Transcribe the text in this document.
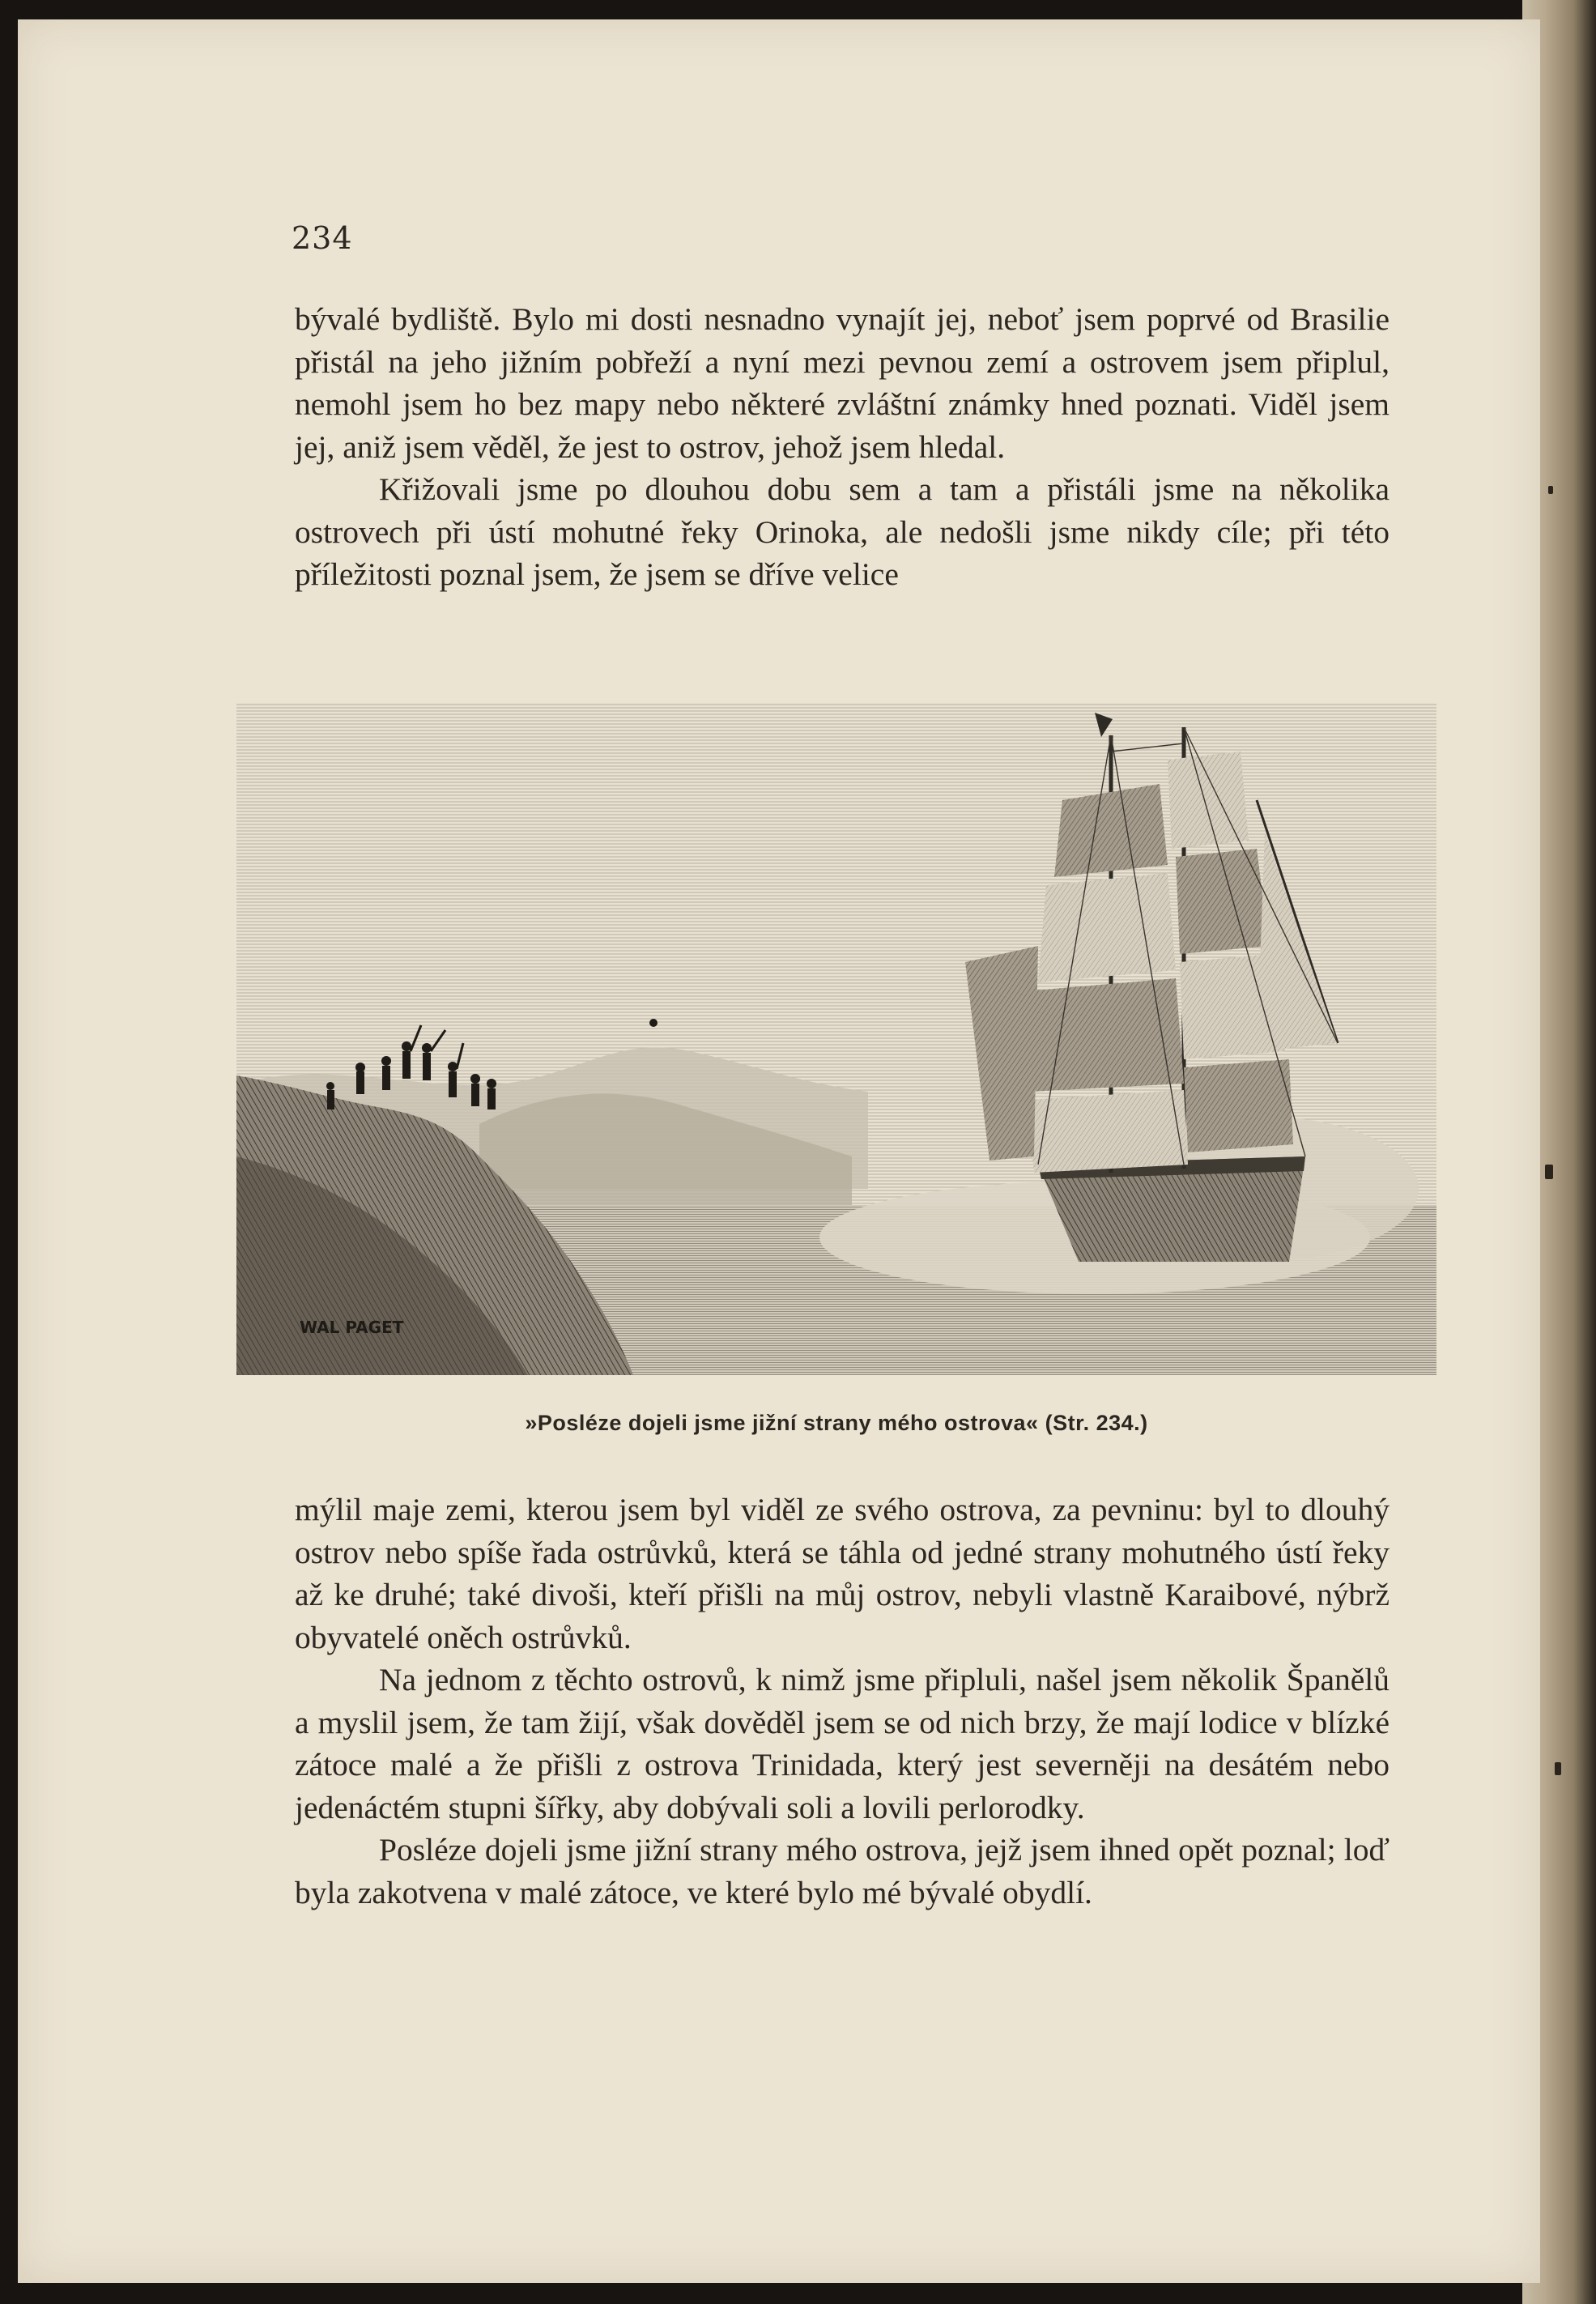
234

bývalé bydliště. Bylo mi dosti nesnadno vynajít jej, neboť jsem poprvé od Brasilie přistál na jeho jižním pobřeží a nyní mezi pevnou zemí a ostrovem jsem připlul, nemohl jsem ho bez mapy nebo některé zvláštní známky hned poznati. Viděl jsem jej, aniž jsem věděl, že jest to ostrov, jehož jsem hledal.

Křižovali jsme po dlouhou dobu sem a tam a přistáli jsme na několika ostrovech při ústí mohutné řeky Orinoka, ale nedošli jsme nikdy cíle; při této příležitosti poznal jsem, že jsem se dříve velice

WAL PAGET
»Posléze dojeli jsme jižní strany mého ostrova« (Str. 234.)

mýlil maje zemi, kterou jsem byl viděl ze svého ostrova, za pevninu: byl to dlouhý ostrov nebo spíše řada ostrůvků, která se táhla od jedné strany mohutného ústí řeky až ke druhé; také divoši, kteří přišli na můj ostrov, nebyli vlastně Karaibové, nýbrž obyvatelé oněch ostrůvků.

Na jednom z těchto ostrovů, k nimž jsme připluli, našel jsem několik Španělů a myslil jsem, že tam žijí, však dověděl jsem se od nich brzy, že mají lodice v blízké zátoce malé a že přišli z ostrova Trinidada, který jest severněji na desátém nebo jedenáctém stupni šířky, aby dobývali soli a lovili perlorodky.

Posléze dojeli jsme jižní strany mého ostrova, jejž jsem ihned opět poznal; loď byla zakotvena v malé zátoce, ve které bylo mé bývalé obydlí.
